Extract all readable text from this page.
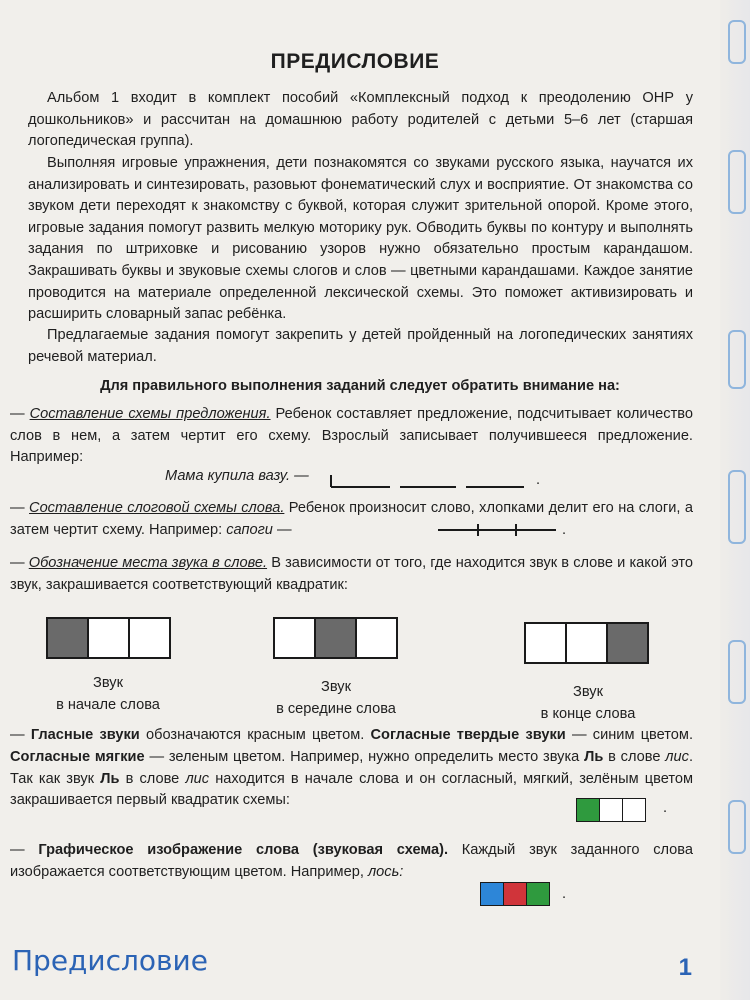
ПРЕДИСЛОВИЕ

Альбом 1 входит в комплект пособий «Комплексный подход к преодолению ОНР у дошкольников» и рассчитан на домашнюю работу родителей с детьми 5–6 лет (старшая логопедическая группа).

Выполняя игровые упражнения, дети познакомятся со звуками русского языка, научатся их анализировать и синтезировать, разовьют фонематический слух и восприятие. От знакомства со звуком дети переходят к знакомству с буквой, которая служит зрительной опорой. Кроме этого, игровые задания помогут развить мелкую моторику рук. Обводить буквы по контуру и выполнять задания по штриховке и рисованию узоров нужно обязательно простым карандашом. Закрашивать буквы и звуковые схемы слогов и слов — цветными карандашами. Каждое занятие проводится на материале определенной лексической схемы. Это поможет активизировать и расширить словарный запас ребёнка.

Предлагаемые задания помогут закрепить у детей пройденный на логопедических занятиях речевой материал.

Для правильного выполнения заданий следует обратить внимание на:

— Составление схемы предложения. Ребенок составляет предложение, подсчитывает количество слов в нем, а затем чертит его схему. Взрослый записывает получившееся предложение. Например:

Мама купила вазу. —	.

— Составление слоговой схемы слова. Ребенок произносит слово, хлопками делит его на слоги, а затем чертит схему. Например: сапоги —	.

— Обозначение места звука в слове. В зависимости от того, где находится звук в слове и какой это звук, закрашивается соответствующий квадратик:

Звук
в начале слова
Звук
в середине слова
Звук
в конце слова

— Гласные звуки обозначаются красным цветом. Согласные твердые звуки — синим цветом. Согласные мягкие — зеленым цветом. Например, нужно определить место звука Ль в слове лис. Так как звук Ль в слове лис находится в начале слова и он согласный, мягкий, зелёным цветом закрашивается первый квадратик схемы:	.

— Графическое изображение слова (звуковая схема). Каждый звук заданного слова изображается соответствующим цветом. Например, лось:

.
Предисловие	1
